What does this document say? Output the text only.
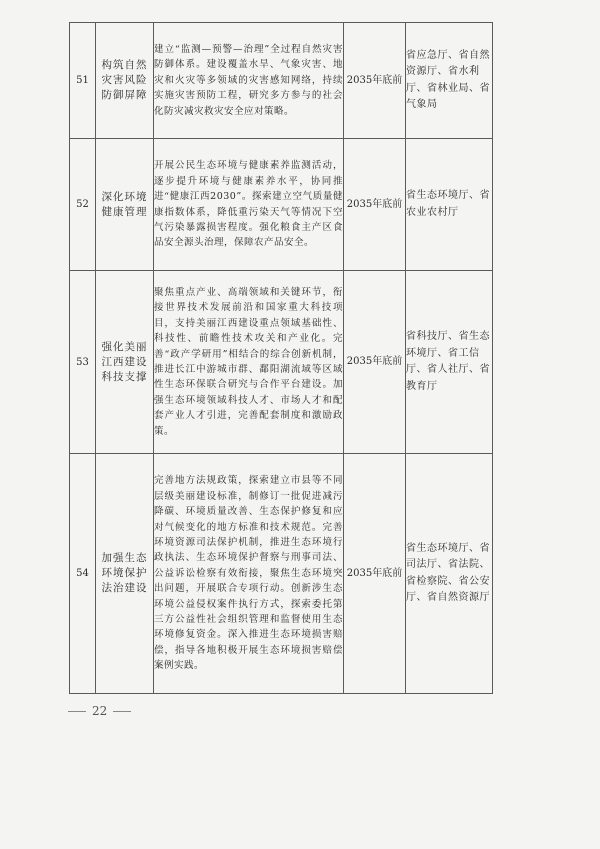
51	构筑自然灾害风险防御屏障	建立“监测—预警—治理”全过程自然灾害防御体系。建设覆盖水旱、气象灾害、地灾和火灾等多领域的灾害感知网络，持续实施灾害预防工程，研究多方参与的社会化防灾减灾救灾安全应对策略。	2035年底前	省应急厅、省自然资源厅、省水利厅、省林业局、省气象局
52	深化环境健康管理	开展公民生态环境与健康素养监测活动，逐步提升环境与健康素养水平，协同推进“健康江西2030”。探索建立空气质量健康指数体系，降低重污染天气等情况下空气污染暴露损害程度。强化粮食主产区食品安全源头治理，保障农产品安全。	2035年底前	省生态环境厅、省农业农村厅
53	强化美丽江西建设科技支撑	聚焦重点产业、高端领域和关键环节，衔接世界技术发展前沿和国家重大科技项目，支持美丽江西建设重点领域基础性、科技性、前瞻性技术攻关和产业化。完善“政产学研用”相结合的综合创新机制，推进长江中游城市群、鄱阳湖流域等区域性生态环保联合研究与合作平台建设。加强生态环境领域科技人才、市场人才和配套产业人才引进，完善配套制度和激励政策。	2035年底前	省科技厅、省生态环境厅、省工信厅、省人社厅、省教育厅
54	加强生态环境保护法治建设	完善地方法规政策，探索建立市县等不同层级美丽建设标准，制修订一批促进减污降碳、环境质量改善、生态保护修复和应对气候变化的地方标准和技术规范。完善环境资源司法保护机制，推进生态环境行政执法、生态环境保护督察与刑事司法、公益诉讼检察有效衔接，聚焦生态环境突出问题，开展联合专项行动。创新涉生态环境公益侵权案件执行方式，探索委托第三方公益性社会组织管理和监督使用生态环境修复资金。深入推进生态环境损害赔偿，指导各地积极开展生态环境损害赔偿案例实践。	2035年底前	省生态环境厅、省司法厅、省法院、省检察院、省公安厅、省自然资源厅
22
